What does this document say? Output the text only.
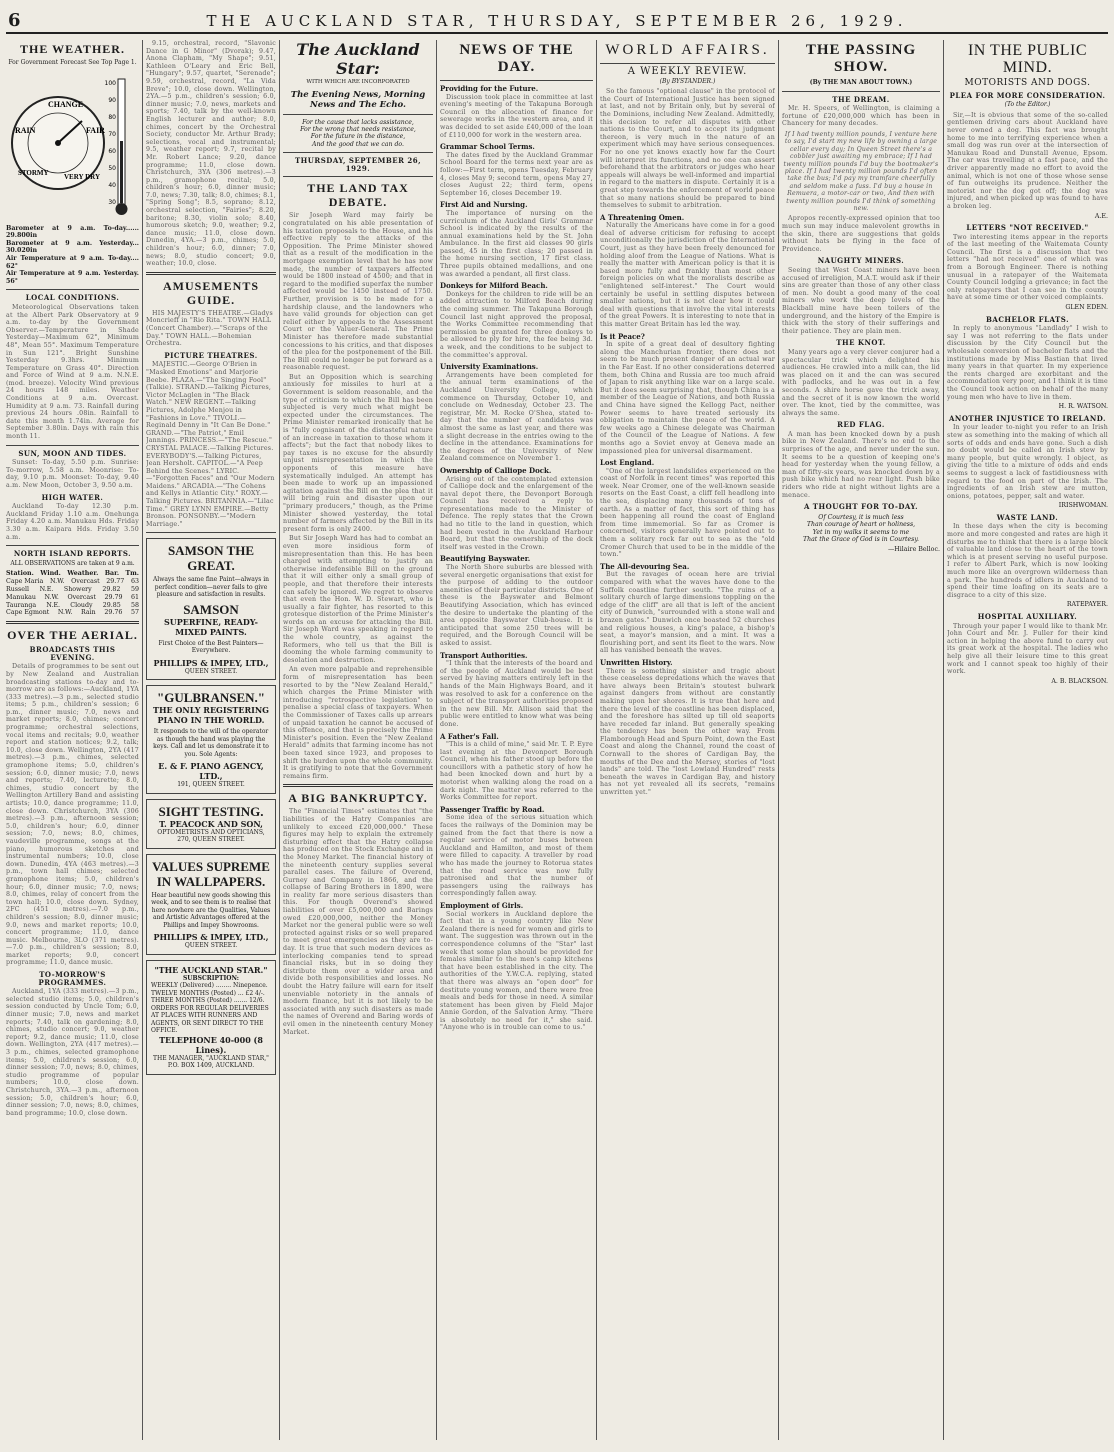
6	THE AUCKLAND STAR, THURSDAY, SEPTEMBER 26, 1929.
THE WEATHER.
For Government Forecast See Top Page 1.
CHANGE
FAIR
RAIN
STORMY VERY DRY
100
90
80
70
60
50
40
30
Barometer at 9 a.m. To-day...... 29.800in
Barometer at 9 a.m. Yesterday... 30.020in
Air Temperature at 9 a.m. To-day.... 62°
Air Temperature at 9 a.m. Yesterday. 56°
LOCAL CONDITIONS.
Meteorological Observations taken at the Albert Park Observatory at 9 a.m. to-day by the Government Observer.—Temperature in Shade Yesterday—Maximum 62°, Minimum 48°, Mean 55°. Maximum Temperature in Sun 121°. Bright Sunshine Yesterday 9.3hrs. Minimum Temperature on Grass 40°. Direction and Force of Wind at 9 a.m. N.N.E. (mod. breeze). Velocity Wind previous 24 hours 148 miles. Weather Conditions at 9 a.m. Overcast. Humidity at 9 a.m. 73. Rainfall during previous 24 hours .08in. Rainfall to date this month 1.74in. Average for September 3.80in. Days with rain this month 11.
SUN, MOON AND TIDES.
Sunset: To-day, 5.50 p.m. Sunrise: To-morrow, 5.58 a.m. Moonrise: To-day, 9.10 p.m. Moonset: To-day, 9.40 a.m. New Moon, October 3, 9.50 a.m.
HIGH WATER.
Auckland To-day 12.30 p.m. Auckland Friday 1.10 a.m. Onehunga Friday 4.20 a.m. Manukau Hds. Friday 3.30 a.m. Kaipara Hds. Friday 3.50 a.m.
NORTH ISLAND REPORTS.
ALL OBSERVATIONS are taken at 9 a.m.
Station. Wind. Weather. Bar. Tm.
Cape Maria N.W. Overcast 29.77 63
Russell N.E. Showery 29.82 59
Manukau N.W. Overcast 29.79 61
Tauranga N.E. Cloudy 29.85 58
Cape Egmont N.W. Rain 29.76 57
OVER THE AERIAL.
BROADCASTS THIS EVENING.
Details of programmes to be sent out by New Zealand and Australian broadcasting stations to-day and to-morrow are as follows:—Auckland, 1YA (333 metres).—3 p.m., selected studio items; 5 p.m., children's session; 6 p.m., dinner music; 7.0, news and market reports; 8.0, chimes; concert programme; orchestral selections, vocal items and recitals; 9.0, weather report and station notices; 9.2, talk; 10.0, close down. Wellington, 2YA (417 metres).—3 p.m., chimes, selected gramophone items; 5.0, children's session; 6.0, dinner music; 7.0, news and reports; 7.40, lecturette; 8.0, chimes, studio concert by the Wellington Artillery Band and assisting artists; 10.0, dance programme; 11.0, close down. Christchurch, 3YA (306 metres).—3 p.m., afternoon session; 5.0, children's hour; 6.0, dinner session; 7.0, news; 8.0, chimes, vaudeville programme, songs at the piano, humorous sketches and instrumental numbers; 10.0, close down. Dunedin, 4YA (463 metres).—3 p.m., town hall chimes; selected gramophone items; 5.0, children's hour; 6.0, dinner music; 7.0, news; 8.0, chimes, relay of concert from the town hall; 10.0, close down. Sydney, 2FC (451 metres).—7.0 p.m., children's session; 8.0, dinner music; 9.0, news and market reports; 10.0, concert programme; 11.0, dance music. Melbourne, 3LO (371 metres).—7.0 p.m., children's session; 8.0, market reports; 9.0, concert programme; 11.0, dance music.
TO-MORROW'S PROGRAMMES.
Auckland, 1YA (333 metres).—3 p.m., selected studio items; 5.0, children's session conducted by Uncle Tom; 6.0, dinner music; 7.0, news and market reports; 7.40, talk on gardening; 8.0, chimes, studio concert; 9.0, weather report; 9.2, dance music; 11.0, close down. Wellington, 2YA (417 metres).—3 p.m., chimes, selected gramophone items; 5.0, children's session; 6.0, dinner session; 7.0, news; 8.0, chimes, studio programme of popular numbers; 10.0, close down. Christchurch, 3YA.—3 p.m., afternoon session; 5.0, children's hour; 6.0, dinner session; 7.0, news; 8.0, chimes, band programme; 10.0, close down.
9.15, orchestral, record, "Slavonic Dance in G Minor" (Dvorak); 9.47, Anona Clapham, "My Shape"; 9.51, Kathleen O'Leary and Eric Bell, "Hungary"; 9.57, quartet, "Serenade"; 9.59, orchestral, record, "La Vida Breve"; 10.0, close down. Wellington, 2YA.—5 p.m., children's session; 6.0, dinner music; 7.0, news, markets and sports; 7.40, talk by the well-known English lecturer and author; 8.0, chimes, concert by the Orchestral Society, conductor Mr. Arthur Brady; selections, vocal and instrumental; 9.5, weather report; 9.7, recital by Mr. Robert Lance; 9.20, dance programme; 11.0, close down. Christchurch, 3YA (306 metres).—3 p.m., gramophone recital; 5.0, children's hour; 6.0, dinner music; 7.0, news; 7.30, talk; 8.0, chimes; 8.1, "Spring Song"; 8.5, soprano; 8.12, orchestral selection, "Fairies"; 8.20, baritone; 8.30, violin solo; 8.40, humorous sketch; 9.0, weather; 9.2, dance music; 11.0, close down. Dunedin, 4YA.—3 p.m., chimes; 5.0, children's hour; 6.0, dinner; 7.0, news; 8.0, studio concert; 9.0, weather; 10.0, close.
AMUSEMENTS GUIDE.
HIS MAJESTY'S THEATRE.—Gladys Moncrieff in "Rio Rita." TOWN HALL (Concert Chamber).—"Scraps of the Day." TOWN HALL.—Bohemian Orchestra.
PICTURE THEATRES.
MAJESTIC.—George O'Brien in "Masked Emotions" and Marjorie Beebe. PLAZA.—"The Singing Fool" (Talkie). STRAND.—Talking Pictures, Victor McLaglen in "The Black Watch." NEW REGENT.—Talking Pictures, Adolphe Menjou in "Fashions in Love." TIVOLI.—Reginald Denny in "It Can Be Done." GRAND.—"The Patriot," Emil Jannings. PRINCESS.—"The Rescue." CRYSTAL PALACE.—Talking Pictures. EVERYBODY'S.—Talking Pictures, Jean Hersholt. CAPITOL.—"A Peep Behind the Scenes." LYRIC.—"Forgotten Faces" and "Our Modern Maidens." ARCADIA.—"The Cohens and Kellys in Atlantic City." ROXY.—Talking Pictures. BRITANNIA.—"Lilac Time." GREY LYNN EMPIRE.—Betty Bronson. PONSONBY.—"Modern Marriage."
SAMSON THE GREAT.
Always the same fine Paint—always in perfect condition—never fails to give pleasure and satisfaction in results.
SAMSON
SUPERFINE, READY-MIXED PAINTS.
First Choice of the Best Painters—Everywhere.
PHILLIPS & IMPEY, LTD.,
QUEEN STREET.
"GULBRANSEN."
THE ONLY REGISTERING PIANO IN THE WORLD.
It responds to the will of the operator as though the hand was playing the keys. Call and let us demonstrate it to you. Sole Agents:
E. & F. PIANO AGENCY, LTD.,
191, QUEEN STREET.
SIGHT TESTING.
T. PEACOCK AND SON,
OPTOMETRISTS AND OPTICIANS,
270, QUEEN STREET.
VALUES SUPREME IN WALLPAPERS.
Hear beautiful new goods showing this week, and to see them is to realise that here nowhere are the Qualities, Values and Artistic Advantages offered at the Phillips and Impey Showrooms.
PHILLIPS & IMPEY, LTD.,
QUEEN STREET.
"THE AUCKLAND STAR."
SUBSCRIPTION:
WEEKLY (Delivered) ........ Ninepence. TWELVE MONTHS (Posted) ... £2 4/-. THREE MONTHS (Posted) ....... 12/6. ORDERS FOR REGULAR DELIVERIES AT PLACES WITH RUNNERS AND AGENTS, OR SENT DIRECT TO THE OFFICE.
TELEPHONE 40-000 (8 Lines).
THE MANAGER, "AUCKLAND STAR," P.O. BOX 1409, AUCKLAND.
The Auckland Star:
WITH WHICH ARE INCORPORATED
The Evening News, Morning News and The Echo.
For the cause that lacks assistance,
For the wrong that needs resistance,
For the future in the distance,
And the good that we can do.
THURSDAY, SEPTEMBER 26, 1929.
THE LAND TAX DEBATE.
Sir Joseph Ward may fairly be congratulated on his able presentation of his taxation proposals to the House, and his effective reply to the attacks of the Opposition. The Prime Minister showed that as a result of the modification in the mortgage exemption level that he has now made, the number of taxpayers affected would be 1800 instead of 4500; and that in regard to the modified superfax the number affected would be 1450 instead of 1750. Further, provision is to be made for a hardship clause, and the landowners who have valid grounds for objection can get relief either by appeals to the Assessment Court or the Valuer-General. The Prime Minister has therefore made substantial concessions to his critics, and that disposes of the plea for the postponement of the Bill. The Bill could no longer be put forward as a reasonable request.
But an Opposition which is searching anxiously for missiles to hurl at a Government is seldom reasonable, and the type of criticism to which the Bill has been subjected is very much what might be expected under the circumstances. The Prime Minister remarked ironically that he is "fully cognisant of the distasteful nature of an increase in taxation to those whom it affects"; but the fact that nobody likes to pay taxes is no excuse for the absurdly unjust misrepresentation in which the opponents of this measure have systematically indulged. An attempt has been made to work up an impassioned agitation against the Bill on the plea that it will bring ruin and disaster upon our "primary producers," though, as the Prime Minister showed yesterday, the total number of farmers affected by the Bill in its present form is only 2400.
But Sir Joseph Ward has had to combat an even more insidious form of misrepresentation than this. He has been charged with attempting to justify an otherwise indefensible Bill on the ground that it will either only a small group of people, and that therefore their interests can safely be ignored. We regret to observe that even the Hon. W. D. Stewart, who is usually a fair fighter, has resorted to this grotesque distortion of the Prime Minister's words on an excuse for attacking the Bill. Sir Joseph Ward was speaking in regard to the whole country, as against the Reformers, who tell us that the Bill is dooming the whole farming community to desolation and destruction.
An even more palpable and reprehensible form of misrepresentation has been resorted to by the "New Zealand Herald," which charges the Prime Minister with introducing "retrospective legislation" to penalise a special class of taxpayers. When the Commissioner of Taxes calls up arrears of unpaid taxation he cannot be accused of this offence, and that is precisely the Prime Minister's position. Even the "New Zealand Herald" admits that farming income has not been taxed since 1923, and proposes to shift the burden upon the whole community. It is gratifying to note that the Government remains firm.
A BIG BANKRUPTCY.
The "Financial Times" estimates that "the liabilities of the Hatry Companies are unlikely to exceed £20,000,000." These figures may help to explain the extremely disturbing effect that the Hatry collapse has produced on the Stock Exchange and in the Money Market. The financial history of the nineteenth century supplies several parallel cases. The failure of Overend, Gurney and Company in 1866, and the collapse of Baring Brothers in 1890, were in reality far more serious disasters than this. For though Overend's showed liabilities of over £5,000,000 and Barings owed £20,000,000, neither the Money Market nor the general public were so well protected against risks or so well prepared to meet great emergencies as they are to-day. It is true that such modern devices as interlocking companies tend to spread financial risks, but in so doing they distribute them over a wider area and divide both responsibilities and losses. No doubt the Hatry failure will earn for itself unenviable notoriety in the annals of modern finance, but it is not likely to be associated with any such disasters as made the names of Overend and Baring words of evil omen in the nineteenth century Money Market.
NEWS OF THE DAY.
Providing for the Future.
Discussion took place in committee at last evening's meeting of the Takapuna Borough Council on the allocation of finance for sewerage works in the western area, and it was decided to set aside £40,000 of the loan of £110,000 for work in the western area.
Grammar School Terms.
The dates fixed by the Auckland Grammar School Board for the terms next year are as follow:—First term, opens Tuesday, February 4, closes May 9; second term, opens May 27, closes August 22; third term, opens September 16, closes December 19.
First Aid and Nursing.
The importance of nursing on the curriculum of the Auckland Girls' Grammar School is indicated by the results of the annual examinations held by the St. John Ambulance. In the first aid classes 90 girls passed, 45 in the first class; 20 passed in the home nursing section, 17 first class. Three pupils obtained medallions, and one was awarded a pendant, all first class.
Donkeys for Milford Beach.
Donkeys for the children to ride will be an added attraction to Milford Beach during the coming summer. The Takapuna Borough Council last night approved the proposal, the Works Committee recommending that permission be granted for three donkeys to be allowed to ply for hire, the fee being 3d. a week, and the conditions to be subject to the committee's approval.
University Examinations.
Arrangements have been completed for the annual term examinations of the Auckland University College, which commence on Thursday, October 10, and conclude on Wednesday, October 23. The registrar, Mr. M. Rocke O'Shea, stated to-day that the number of candidates was almost the same as last year, and there was a slight decrease in the entries owing to the decline in the attendance. Examinations for the degrees of the University of New Zealand commence on November 1.
Ownership of Calliope Dock.
Arising out of the contemplated extension of Calliope dock and the enlargement of the naval depot there, the Devonport Borough Council has received a reply to representations made to the Minister of Defence. The reply states that the Crown had no title to the land in question, which had been vested in the Auckland Harbour Board, but that the ownership of the dock itself was vested in the Crown.
Beautifying Bayswater.
The North Shore suburbs are blessed with several energetic organisations that exist for the purpose of adding to the outdoor amenities of their particular districts. One of these is the Bayswater and Belmont Beautifying Association, which has evinced the desire to undertake the planting of the area opposite Bayswater Club-house. It is anticipated that some 250 trees will be required, and the Borough Council will be asked to assist.
Transport Authorities.
"I think that the interests of the board and of the people of Auckland would be best served by having matters entirely left in the hands of the Main Highways Board, and it was resolved to ask for a conference on the subject of the transport authorities proposed in the new Bill. Mr. Allison said that the public were entitled to know what was being done.
A Father's Fall.
"This is a child of mine," said Mr. T. P. Eyre last evening at the Devonport Borough Council, when his father stood up before the councillors with a pathetic story of how he had been knocked down and hurt by a motorist when walking along the road on a dark night. The matter was referred to the Works Committee for report.
Passenger Traffic by Road.
Some idea of the serious situation which faces the railways of the Dominion may be gained from the fact that there is now a regular service of motor buses between Auckland and Hamilton, and most of them were filled to capacity. A traveller by road who has made the journey to Rotorua states that the road service was now fully patronised and that the number of passengers using the railways has correspondingly fallen away.
Employment of Girls.
Social workers in Auckland deplore the fact that in a young country like New Zealand there is need for women and girls to want. The suggestion was thrown out in the correspondence columns of the "Star" last week that some plan should be provided for females similar to the men's camp kitchens that have been established in the city. The authorities of the Y.W.C.A. replying, stated that there was always an "open door" for destitute young women, and there were free meals and beds for those in need. A similar statement has been given by Field Major Annie Gordon, of the Salvation Army. "There is absolutely no need for it," she said. "Anyone who is in trouble can come to us."
WORLD AFFAIRS.
A WEEKLY REVIEW.
(By BYSTANDER.)
So the famous "optional clause" in the protocol of the Court of International Justice has been signed at last, and not by Britain only, but by several of the Dominions, including New Zealand. Admittedly, this decision to refer all disputes with other nations to the Court, and to accept its judgment thereon, is very much in the nature of an experiment which may have serious consequences. For no one yet knows exactly how far the Court will interpret its functions, and no one can assert beforehand that the arbitrators or judges who hear appeals will always be well-informed and impartial in regard to the matters in dispute. Certainly it is a great step towards the enforcement of world peace that so many nations should be prepared to bind themselves to submit to arbitration.
A Threatening Omen.
Naturally the Americans have come in for a good deal of adverse criticism for refusing to accept unconditionally the jurisdiction of the International Court, just as they have been freely denounced for holding aloof from the League of Nations. What is really the matter with American policy is that it is based more fully and frankly than most other foreign policies on what the moralists describe as "enlightened self-interest." The Court would certainly be useful in settling disputes between smaller nations, but it is not clear how it could deal with questions that involve the vital interests of the great Powers. It is interesting to note that in this matter Great Britain has led the way.
Is it Peace?
In spite of a great deal of desultory fighting along the Manchurian frontier, there does not seem to be much present danger of an actual war in the Far East. If no other considerations deterred them, both China and Russia are too much afraid of Japan to risk anything like war on a large scale. But it does seem surprising that, though China is a member of the League of Nations, and both Russia and China have signed the Kellogg Pact, neither Power seems to have treated seriously its obligation to maintain the peace of the world. A few weeks ago a Chinese delegate was Chairman of the Council of the League of Nations. A few months ago a Soviet envoy at Geneva made an impassioned plea for universal disarmament.
Lost England.
"One of the largest landslides experienced on the coast of Norfolk in recent times" was reported this week. Near Cromer, one of the well-known seaside resorts on the East Coast, a cliff fell headlong into the sea, displacing many thousands of tons of earth. As a matter of fact, this sort of thing has been happening all round the coast of England from time immemorial. So far as Cromer is concerned, visitors generally have pointed out to them a solitary rock far out to sea as the "old Cromer Church that used to be in the middle of the town."
The All-devouring Sea.
But the ravages of ocean here are trivial compared with what the waves have done to the Suffolk coastline further south. "The ruins of a solitary church of large dimensions toppling on the edge of the cliff" are all that is left of the ancient city of Dunwich, "surrounded with a stone wall and brazen gates." Dunwich once boasted 52 churches and religious houses, a king's palace, a bishop's seat, a mayor's mansion, and a mint. It was a flourishing port, and sent its fleet to the wars. Now all has vanished beneath the waves.
Unwritten History.
There is something sinister and tragic about these ceaseless depredations which the waves that have always been Britain's stoutest bulwark against dangers from without are constantly making upon her shores. It is true that here and there the level of the coastline has been displaced, and the foreshore has silted up till old seaports have receded far inland. But generally speaking the tendency has been the other way. From Flamborough Head and Spurn Point, down the East Coast and along the Channel, round the coast of Cornwall to the shores of Cardigan Bay, the mouths of the Dee and the Mersey, stories of "lost lands" are told. The "lost Lowland Hundred" rests beneath the waves in Cardigan Bay, and history has not yet revealed all its secrets, "remains unwritten yet."
THE PASSING SHOW.
(By THE MAN ABOUT TOWN.)
THE DREAM.
Mr. H. Speers, of Wellington, is claiming a fortune of £20,000,000 which has been in Chancery for many decades.
If I had twenty million pounds, I venture here to say, I'd start my new life by owning a large cellar every day; In Queen Street there's a cobbler just awaiting my embrace; If I had twenty million pounds I'd buy the bootmaker's place. If I had twenty million pounds I'd often take the bus; I'd pay my tramfare cheerfully and seldom make a fuss. I'd buy a house in Remuera, a motor-car or two, And then with twenty million pounds I'd think of something new.
Apropos recently-expressed opinion that too much sun may induce malevolent growths in the skin, there are suggestions that golds without hats be flying in the face of Providence.
NAUGHTY MINERS.
Seeing that West Coast miners have been accused of irreligion, M.A.T. would ask if their sins are greater than those of any other class of men. No doubt a good many of the coal miners who work the deep levels of the Blackball mine have been toilers of the underground, and the history of the Empire is thick with the story of their sufferings and their patience. They are plain men.
THE KNOT.
Many years ago a very clever conjurer had a spectacular trick which delighted his audiences. He crawled into a milk can, the lid was placed on it and the can was secured with padlocks, and he was out in a few seconds. A shire horse gave the trick away, and the secret of it is now known the world over. The knot, tied by the committee, was always the same.
RED FLAG.
A man has been knocked down by a push bike in New Zealand. There's no end to the surprises of the age, and never under the sun. It seems to be a question of keeping one's head for yesterday when the young fellow, a man of fifty-six years, was knocked down by a push bike which had no rear light. Push bike riders who ride at night without lights are a menace.
A THOUGHT FOR TO-DAY.
Of Courtesy, it is much less
Than courage of heart or holiness,
Yet in my walks it seems to me
That the Grace of God is in Courtesy.
—Hilaire Belloc.
IN THE PUBLIC MIND.
MOTORISTS AND DOGS.
PLEA FOR MORE CONSIDERATION.
(To the Editor.)
Sir,—It is obvious that some of the so-called gentlemen driving cars about Auckland have never owned a dog. This fact was brought home to me into terrifying experience when a small dog was run over at the intersection of Manukau Road and Dunstall Avenue, Epsom. The car was travelling at a fast pace, and the driver apparently made no effort to avoid the animal, which is not one of those whose sense of fun outweighs its prudence. Neither the motorist nor the dog got off; the dog was injured, and when picked up was found to have a broken leg.
A.E.
LETTERS "NOT RECEIVED."
Two interesting items appear in the reports of the last meeting of the Waitemata County Council. The first is a discussion that two letters "had not received" one of which was from a Borough Engineer. There is nothing unusual in a ratepayer of the Waitemata County Council lodging a grievance; in fact the only ratepayers that I can see in the county have at some time or other voiced complaints.
GLEN EDEN.
BACHELOR FLATS.
In reply to anonymous "Landlady" I wish to say I was not referring to the flats under discussion by the City Council but the wholesale conversion of bachelor flats and the institutions made by Miss Bastian that lived many years in that quarter. In my experience the rents charged are exorbitant and the accommodation very poor, and I think it is time the Council took action on behalf of the many young men who have to live in them.
H. R. WATSON.
ANOTHER INJUSTICE TO IRELAND.
In your leader to-night you refer to an Irish stew as something into the making of which all sorts of odds and ends have gone. Such a dish no doubt would be called an Irish stew by many people, but quite wrongly. I object, as giving the title to a mixture of odds and ends seems to suggest a lack of fastidiousness with regard to the food on part of the Irish. The ingredients of an Irish stew are mutton, onions, potatoes, pepper, salt and water.
IRISHWOMAN.
WASTE LAND.
In these days when the city is becoming more and more congested and rates are high it disturbs me to think that there is a large block of valuable land close to the heart of the town which is at present serving no useful purpose. I refer to Albert Park, which is now looking much more like an overgrown wilderness than a park. The hundreds of idlers in Auckland to spend their time loafing on its seats are a disgrace to a city of this size.
RATEPAYER.
HOSPITAL AUXILIARY.
Through your paper I would like to thank Mr. John Court and Mr. J. Fuller for their kind action in helping the above fund to carry out its great work at the hospital. The ladies who help give all their leisure time to this great work and I cannot speak too highly of their work.
A. B. BLACKSON.
